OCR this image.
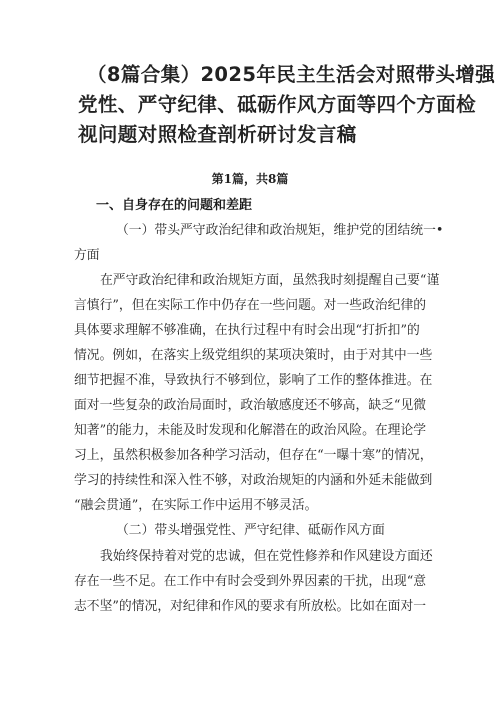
（8篇合集）2025年民主生活会对照带头增强
党性、严守纪律、砥砺作风方面等四个方面检
视问题对照检查剖析研讨发言稿
第1篇，共8篇
一、自身存在的问题和差距
（一）带头严守政治纪律和政治规矩，维护党的团结统一•
方面
在严守政治纪律和政治规矩方面，虽然我时刻提醒自己要“谨
言慎行”，但在实际工作中仍存在一些问题。对一些政治纪律的
具体要求理解不够准确，在执行过程中有时会出现“打折扣”的
情况。例如，在落实上级党组织的某项决策时，由于对其中一些
细节把握不准，导致执行不够到位，影响了工作的整体推进。在
面对一些复杂的政治局面时，政治敏感度还不够高，缺乏“见微
知著”的能力，未能及时发现和化解潜在的政治风险。在理论学
习上，虽然积极参加各种学习活动，但存在“一曝十寒”的情况，
学习的持续性和深入性不够，对政治规矩的内涵和外延未能做到
“融会贯通”，在实际工作中运用不够灵活。
（二）带头增强党性、严守纪律、砥砺作风方面
我始终保持着对党的忠诚，但在党性修养和作风建设方面还
存在一些不足。在工作中有时会受到外界因素的干扰，出现“意
志不坚”的情况，对纪律和作风的要求有所放松。比如在面对一
